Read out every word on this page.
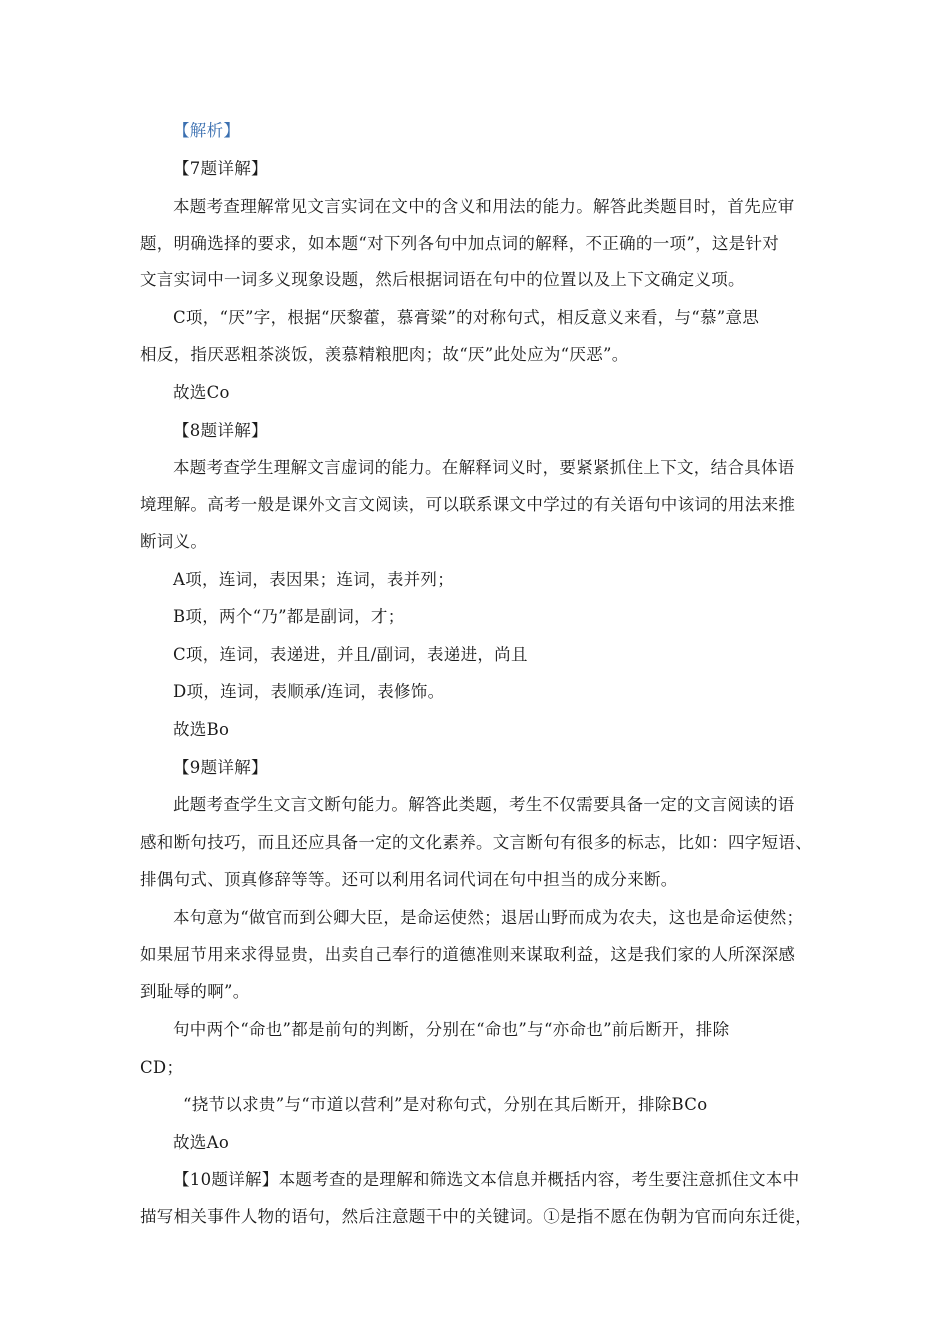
【解析】
【7题详解】
本题考查理解常见文言实词在文中的含义和用法的能力。解答此类题目时，首先应审
题，明确选择的要求，如本题“对下列各句中加点词的解释，不正确的一项”，这是针对
文言实词中一词多义现象设题，然后根据词语在句中的位置以及上下文确定义项。
C项，“厌”字，根据“厌黎藿，慕膏粱”的对称句式，相反意义来看，与“慕”意思
相反，指厌恶粗茶淡饭，羡慕精粮肥肉；故“厌”此处应为“厌恶”。
故选Co
【8题详解】
本题考查学生理解文言虚词的能力。在解释词义时，要紧紧抓住上下文，结合具体语
境理解。高考一般是课外文言文阅读，可以联系课文中学过的有关语句中该词的用法来推
断词义。
A项，连词，表因果；连词，表并列；
B项，两个“乃”都是副词，才；
C项，连词，表递进，并且/副词，表递进，尚且
D项，连词，表顺承/连词，表修饰。
故选Bo
【9题详解】
此题考查学生文言文断句能力。解答此类题，考生不仅需要具备一定的文言阅读的语
感和断句技巧，而且还应具备一定的文化素养。文言断句有很多的标志，比如：四字短语、
排偶句式、顶真修辞等等。还可以利用名词代词在句中担当的成分来断。
本句意为“做官而到公卿大臣，是命运使然；退居山野而成为农夫，这也是命运使然；
如果屈节用来求得显贵，出卖自己奉行的道德准则来谋取利益，这是我们家的人所深深感
到耻辱的啊”。
句中两个“命也”都是前句的判断，分别在“命也”与“亦命也”前后断开，排除
CD；
“挠节以求贵”与“市道以营利”是对称句式，分别在其后断开，排除BCo
故选Ao
【10题详解】本题考查的是理解和筛选文本信息并概括内容，考生要注意抓住文本中
描写相关事件人物的语句，然后注意题干中的关键词。①是指不愿在伪朝为官而向东迁徙，
